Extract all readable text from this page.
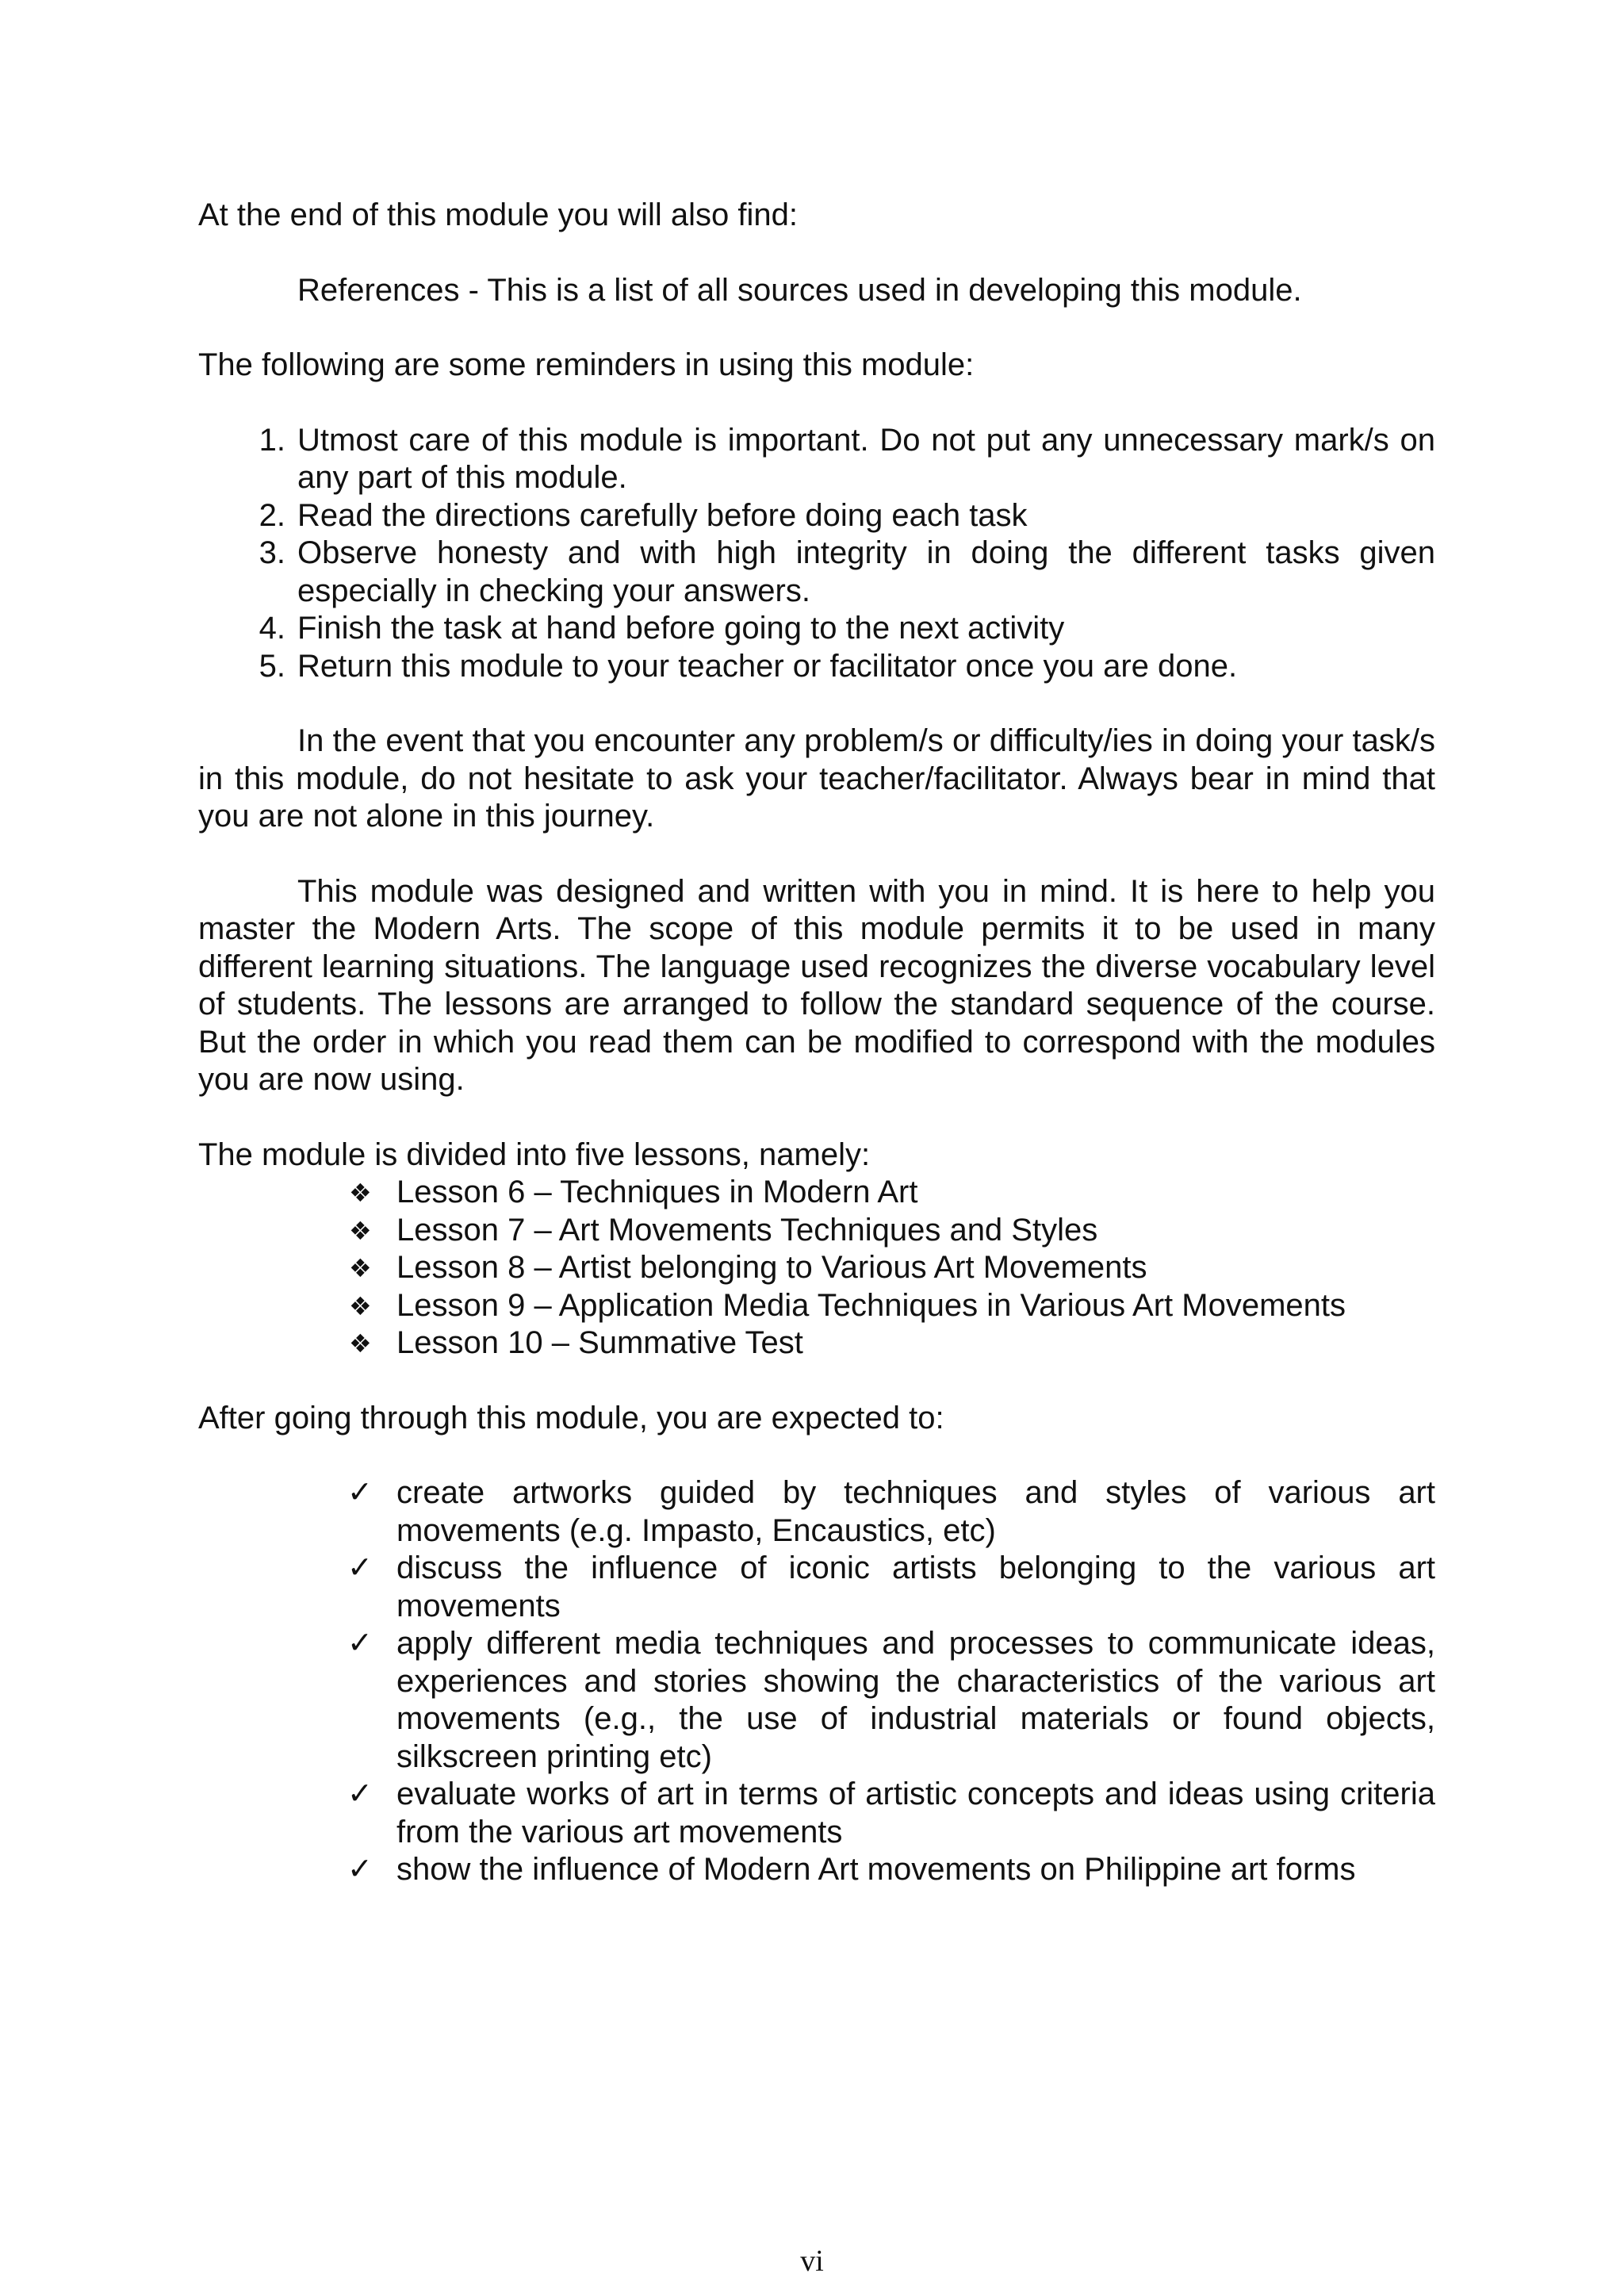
At the end of this module you will also find:

References - This is a list of all sources used in developing this module.

The following are some reminders in using this module:

1. Utmost care of this module is important. Do not put any unnecessary mark/s on any part of this module.
2. Read the directions carefully before doing each task
3. Observe honesty and with high integrity in doing the different tasks given especially in checking your answers.
4. Finish the task at hand before going to the next activity
5. Return this module to your teacher or facilitator once you are done.

In the event that you encounter any problem/s or difficulty/ies in doing your task/s in this module, do not hesitate to ask your teacher/facilitator. Always bear in mind that you are not alone in this journey.

This module was designed and written with you in mind. It is here to help you master the Modern Arts. The scope of this module permits it to be used in many different learning situations. The language used recognizes the diverse vocabulary level of students. The lessons are arranged to follow the standard sequence of the course. But the order in which you read them can be modified to correspond with the modules you are now using.

The module is divided into five lessons, namely:

❖ Lesson 6 – Techniques in Modern Art
❖ Lesson 7 – Art Movements Techniques and Styles
❖ Lesson 8 – Artist belonging to Various Art Movements
❖ Lesson 9 – Application Media Techniques in Various Art Movements
❖ Lesson 10 – Summative Test

After going through this module, you are expected to:

✓ create artworks guided by techniques and styles of various art movements (e.g. Impasto, Encaustics, etc)
✓ discuss the influence of iconic artists belonging to the various art movements
✓ apply different media techniques and processes to communicate ideas, experiences and stories showing the characteristics of the various art movements (e.g., the use of industrial materials or found objects, silkscreen printing etc)
✓ evaluate works of art in terms of artistic concepts and ideas using criteria from the various art movements
✓ show the influence of Modern Art movements on Philippine art forms
vi
